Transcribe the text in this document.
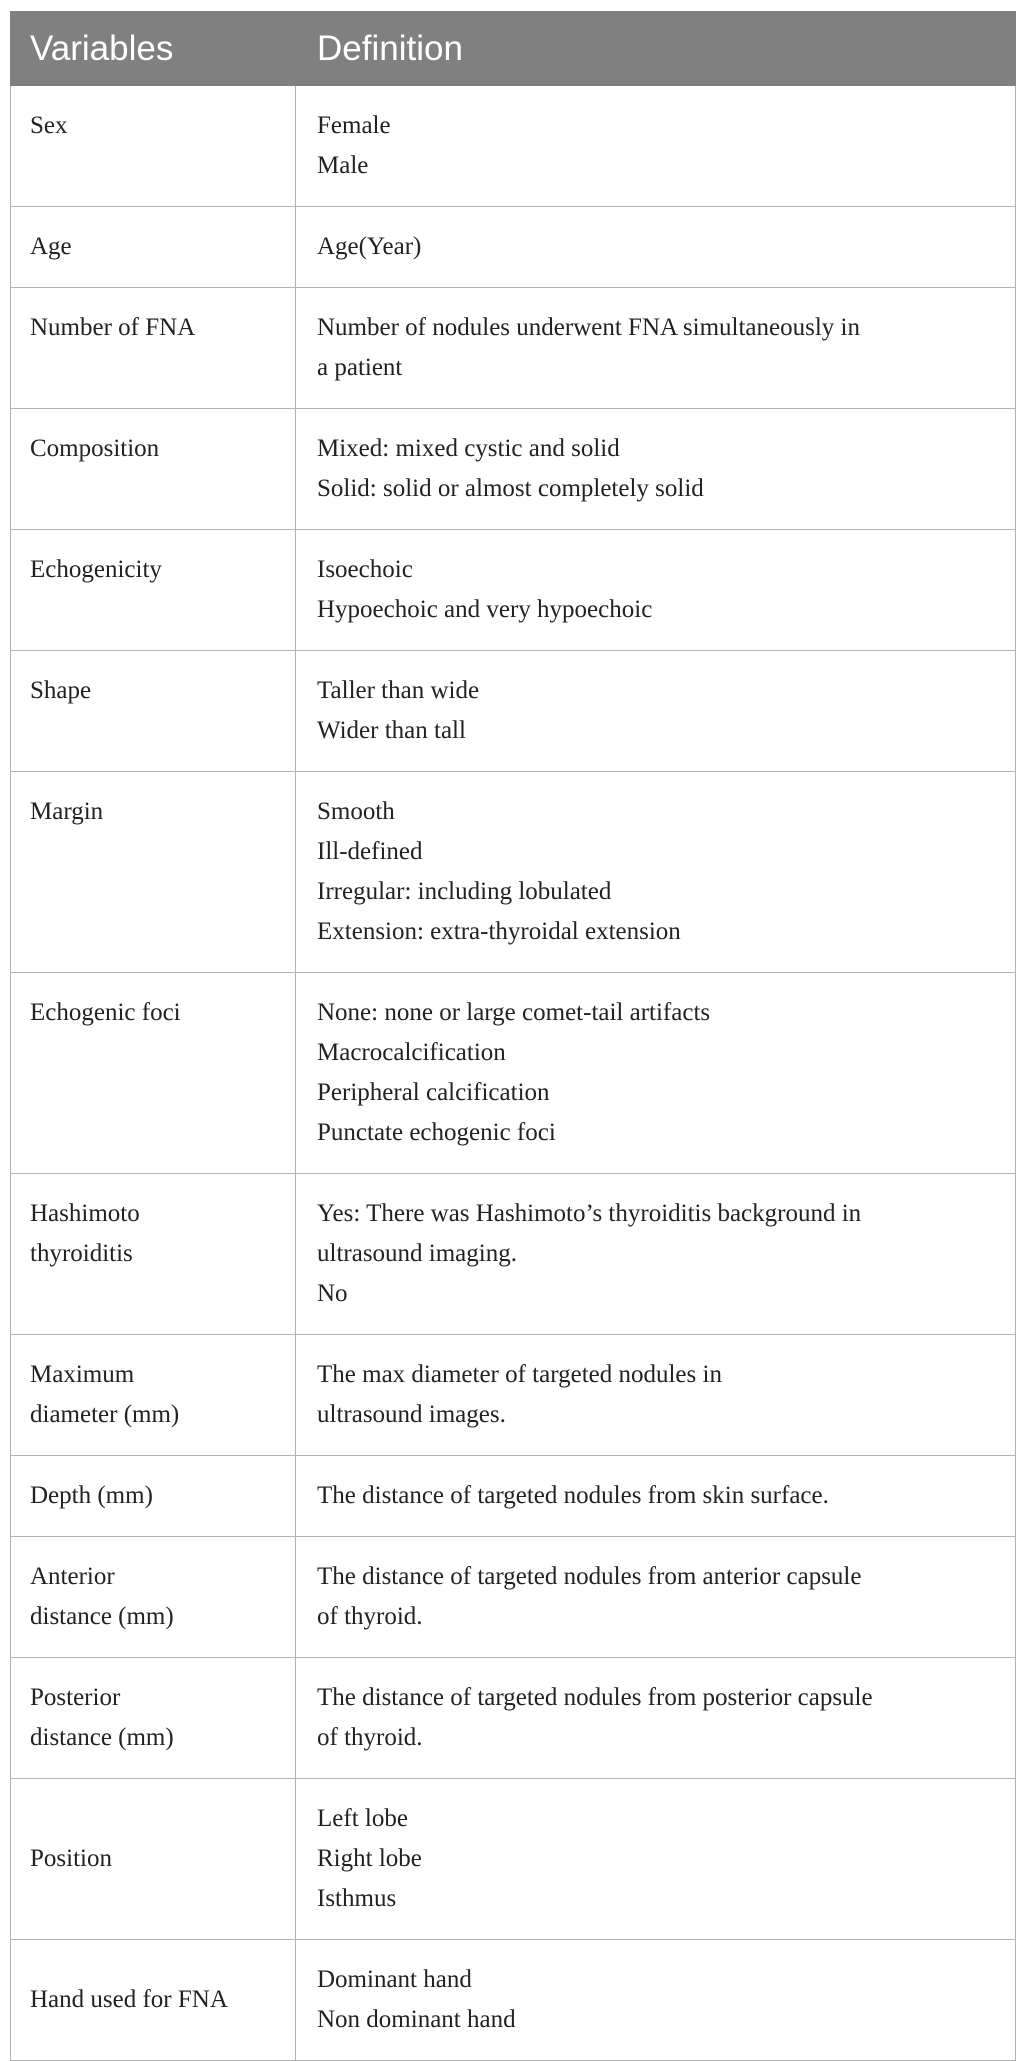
Variables	Definition

Sex	Female
Male

Age	Age(Year)

Number of FNA	Number of nodules underwent FNA simultaneously in
a patient

Composition	Mixed: mixed cystic and solid
Solid: solid or almost completely solid

Echogenicity	Isoechoic
Hypoechoic and very hypoechoic

Shape	Taller than wide
Wider than tall

Margin	Smooth
Ill-defined
Irregular: including lobulated
Extension: extra-thyroidal extension

Echogenic foci	None: none or large comet-tail artifacts
Macrocalcification
Peripheral calcification
Punctate echogenic foci

Hashimoto
thyroiditis	Yes: There was Hashimoto’s thyroiditis background in
ultrasound imaging.
No

Maximum
diameter (mm)	The max diameter of targeted nodules in
ultrasound images.

Depth (mm)	The distance of targeted nodules from skin surface.

Anterior
distance (mm)	The distance of targeted nodules from anterior capsule
of thyroid.

Posterior
distance (mm)	The distance of targeted nodules from posterior capsule
of thyroid.

Position	Left lobe
Right lobe
Isthmus

Hand used for FNA	Dominant hand
Non dominant hand
